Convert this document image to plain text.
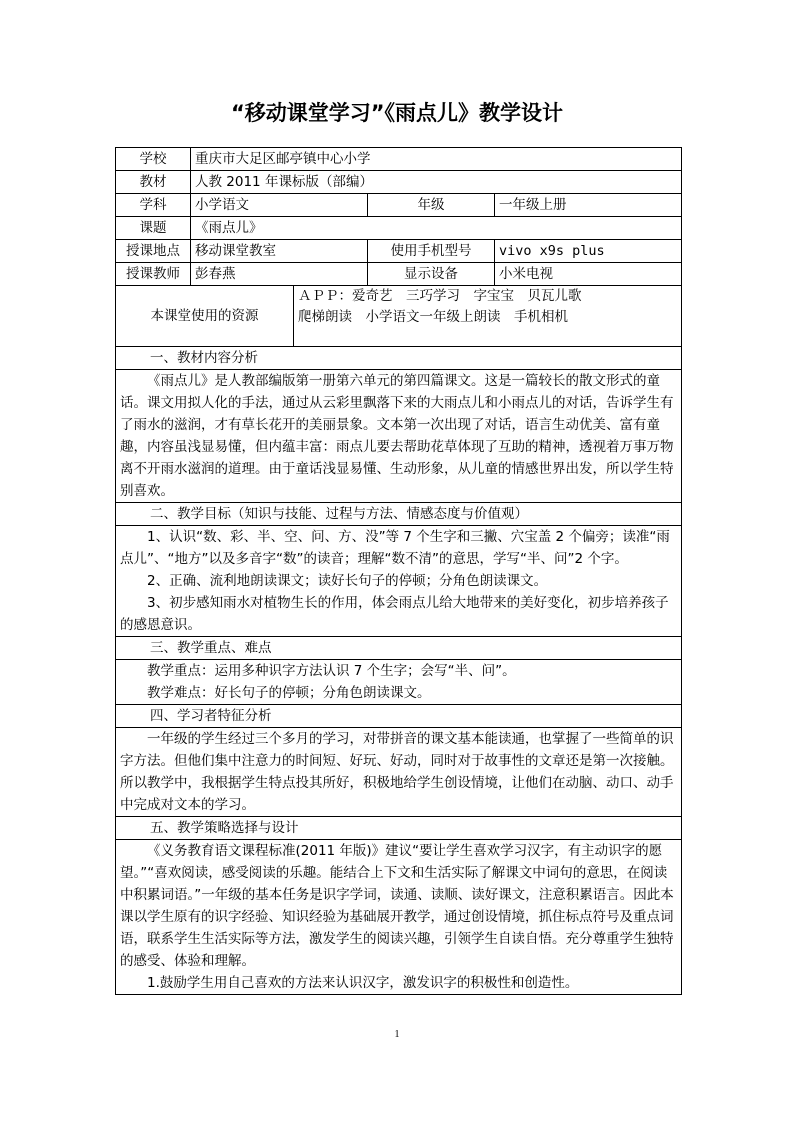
“移动课堂学习”《雨点儿》教学设计
学校	重庆市大足区邮亭镇中心小学			
教材	人教 2011 年课标版（部编）			
学科	小学语文		年级	一年级上册
课题	《雨点儿》			
授课地点	移动课堂教室		使用手机型号	vivo x9s plus
授课教师	彭春燕		显示设备	小米电视
本课堂使用的资源		ＡＰＰ：爱奇艺　三巧学习　字宝宝　贝瓦儿歌
爬梯朗读　小学语文一年级上朗读　手机相机		

一、教材内容分析				

《雨点儿》是人教部编版第一册第六单元的第四篇课文。这是一篇较长的散文形式的童话。课文用拟人化的手法，通过从云彩里飘落下来的大雨点儿和小雨点儿的对话，告诉学生有了雨水的滋润，才有草长花开的美丽景象。文本第一次出现了对话，语言生动优美、富有童趣，内容虽浅显易懂，但内蕴丰富：雨点儿要去帮助花草体现了互助的精神，透视着万事万物离不开雨水滋润的道理。由于童话浅显易懂、生动形象，从儿童的情感世界出发，所以学生特别喜欢。				

二、教学目标（知识与技能、过程与方法、情感态度与价值观）				

1、认识“数、彩、半、空、问、方、没”等 7 个生字和三撇、穴宝盖 2 个偏旁；读准“雨点儿”、“地方”以及多音字“数”的读音；理解“数不清”的意思，学写“半、问”2 个字。

2、正确、流利地朗读课文；读好长句子的停顿；分角色朗读课文。

3、初步感知雨水对植物生长的作用，体会雨点儿给大地带来的美好变化，初步培养孩子的感恩意识。				

三、教学重点、难点				

教学重点：运用多种识字方法认识 7 个生字；会写“半、问”。

教学难点：好长句子的停顿；分角色朗读课文。				

四、学习者特征分析				

一年级的学生经过三个多月的学习，对带拼音的课文基本能读通，也掌握了一些简单的识字方法。但他们集中注意力的时间短、好玩、好动，同时对于故事性的文章还是第一次接触。所以教学中，我根据学生特点投其所好，积极地给学生创设情境，让他们在动脑、动口、动手中完成对文本的学习。				

五、教学策略选择与设计				

《义务教育语文课程标准(2011 年版)》建议“要让学生喜欢学习汉字，有主动识字的愿望。”“喜欢阅读，感受阅读的乐趣。能结合上下文和生活实际了解课文中词句的意思，在阅读中积累词语。”一年级的基本任务是识字学词，读通、读顺、读好课文，注意积累语言。因此本课以学生原有的识字经验、知识经验为基础展开教学，通过创设情境，抓住标点符号及重点词语，联系学生生活实际等方法，激发学生的阅读兴趣，引领学生自读自悟。充分尊重学生独特的感受、体验和理解。

1.鼓励学生用自己喜欢的方法来认识汉字，激发识字的积极性和创造性。				

1
